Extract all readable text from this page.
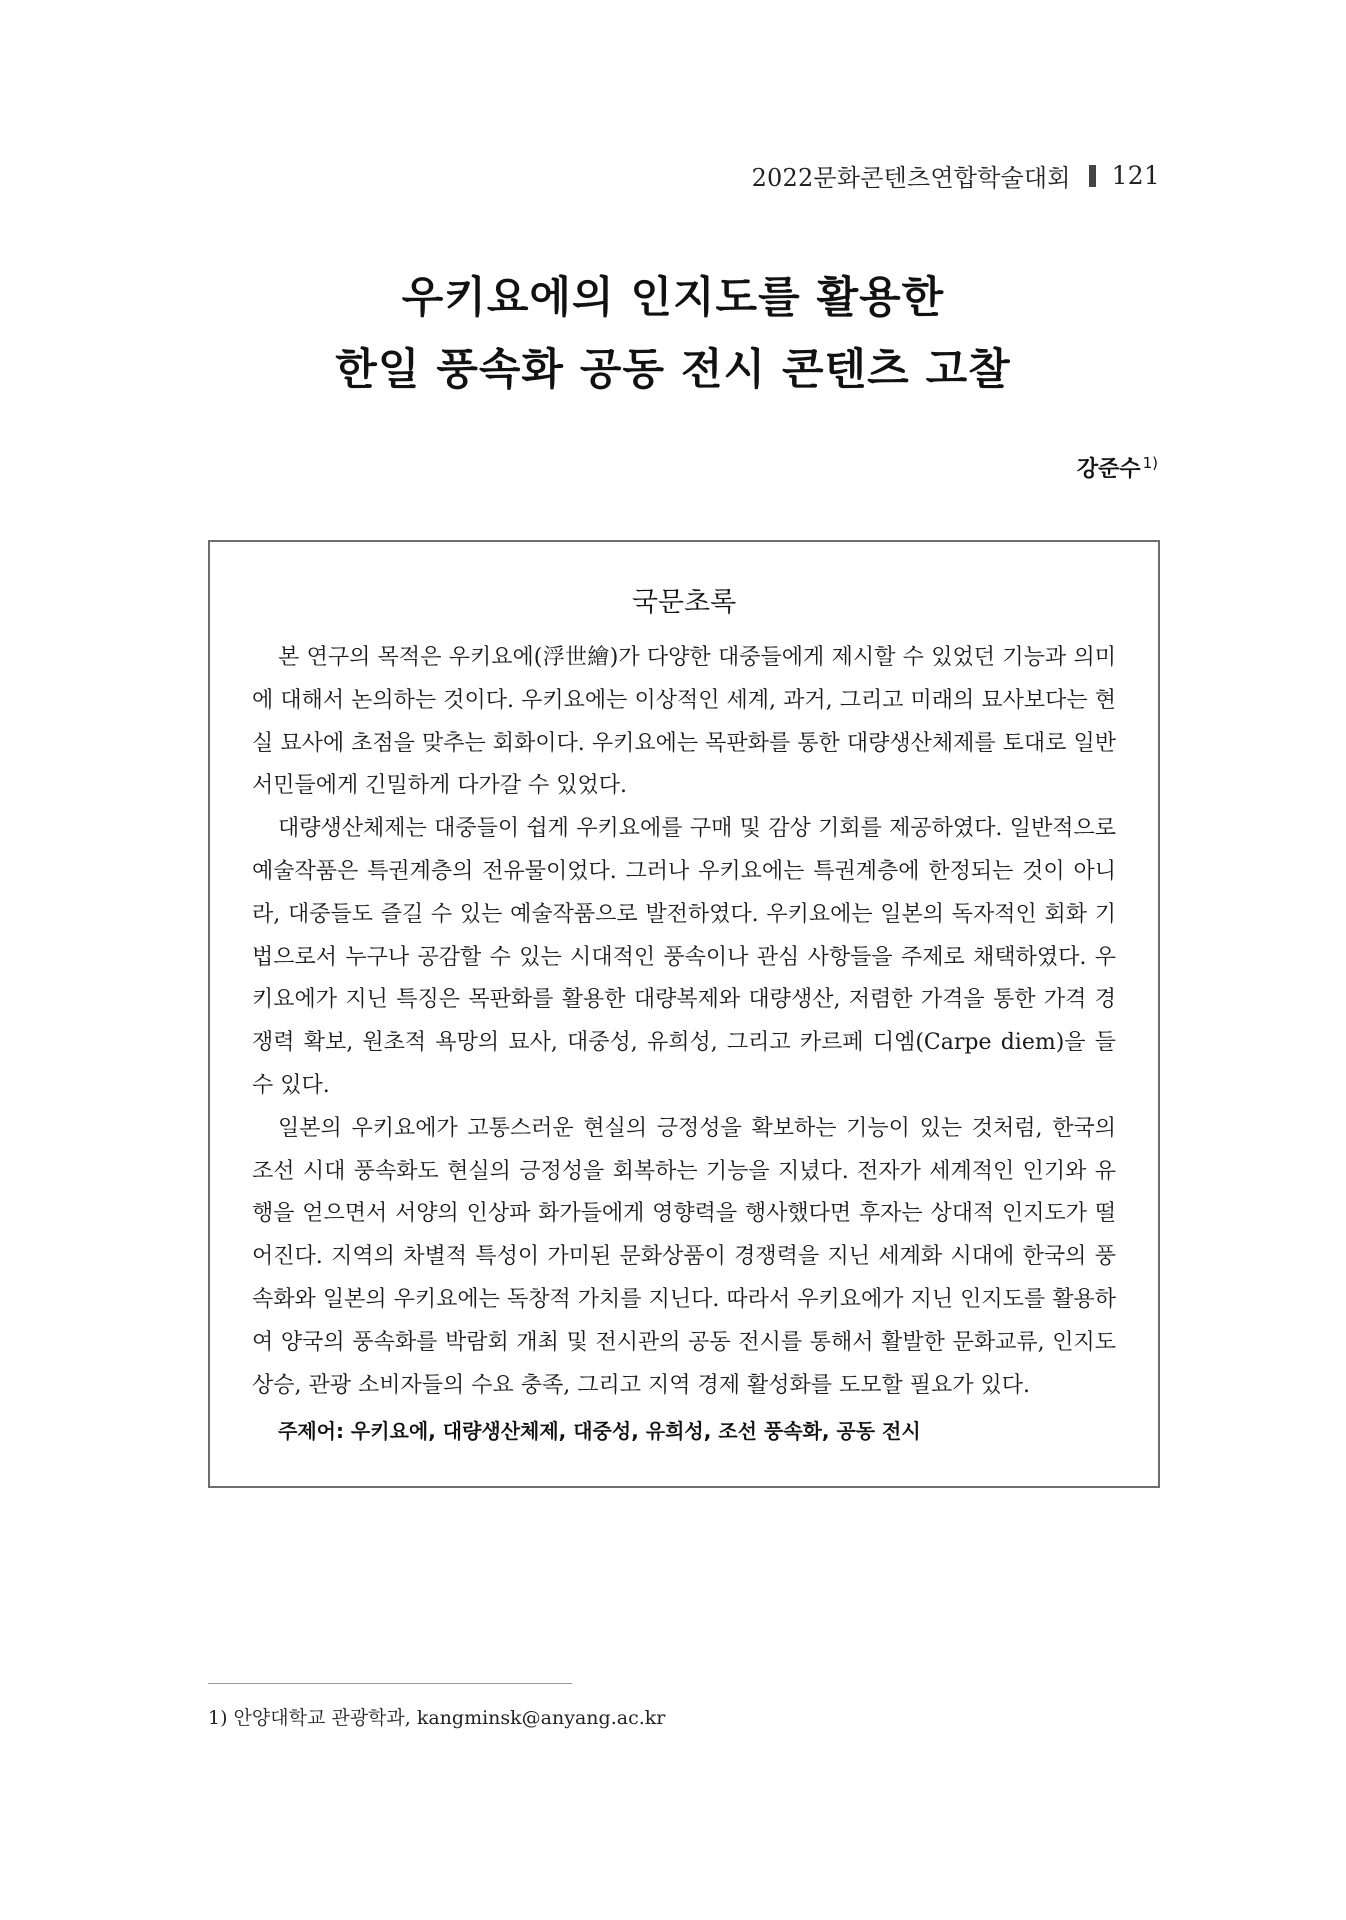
2022문화콘텐츠연합학술대회 121
우키요에의 인지도를 활용한
한일 풍속화 공동 전시 콘텐츠 고찰
강준수 $^{1)}$
국문초록

본 연구의 목적은 우키요에(浮世繪)가 다양한 대중들에게 제시할 수 있었던 기능과 의미에 대해서 논의하는 것이다. 우키요에는 이상적인 세계, 과거, 그리고 미래의 묘사보다는 현실 묘사에 초점을 맞추는 회화이다. 우키요에는 목판화를 통한 대량생산체제를 토대로 일반 서민들에게 긴밀하게 다가갈 수 있었다.

대량생산체제는 대중들이 쉽게 우키요에를 구매 및 감상 기회를 제공하였다. 일반적으로 예술작품은 특권계층의 전유물이었다. 그러나 우키요에는 특권계층에 한정되는 것이 아니라, 대중들도 즐길 수 있는 예술작품으로 발전하였다. 우키요에는 일본의 독자적인 회화 기법으로서 누구나 공감할 수 있는 시대적인 풍속이나 관심 사항들을 주제로 채택하였다. 우키요에가 지닌 특징은 목판화를 활용한 대량복제와 대량생산, 저렴한 가격을 통한 가격 경쟁력 확보, 원초적 욕망의 묘사, 대중성, 유희성, 그리고 카르페 디엠(Carpe diem)을 들 수 있다.

일본의 우키요에가 고통스러운 현실의 긍정성을 확보하는 기능이 있는 것처럼, 한국의 조선 시대 풍속화도 현실의 긍정성을 회복하는 기능을 지녔다. 전자가 세계적인 인기와 유행을 얻으면서 서양의 인상파 화가들에게 영향력을 행사했다면 후자는 상대적 인지도가 떨어진다. 지역의 차별적 특성이 가미된 문화상품이 경쟁력을 지닌 세계화 시대에 한국의 풍속화와 일본의 우키요에는 독창적 가치를 지닌다. 따라서 우키요에가 지닌 인지도를 활용하여 양국의 풍속화를 박람회 개최 및 전시관의 공동 전시를 통해서 활발한 문화교류, 인지도 상승, 관광 소비자들의 수요 충족, 그리고 지역 경제 활성화를 도모할 필요가 있다.

주제어: 우키요에, 대량생산체제, 대중성, 유희성, 조선 풍속화, 공동 전시
1) 안양대학교 관광학과, kangminsk@anyang.ac.kr
